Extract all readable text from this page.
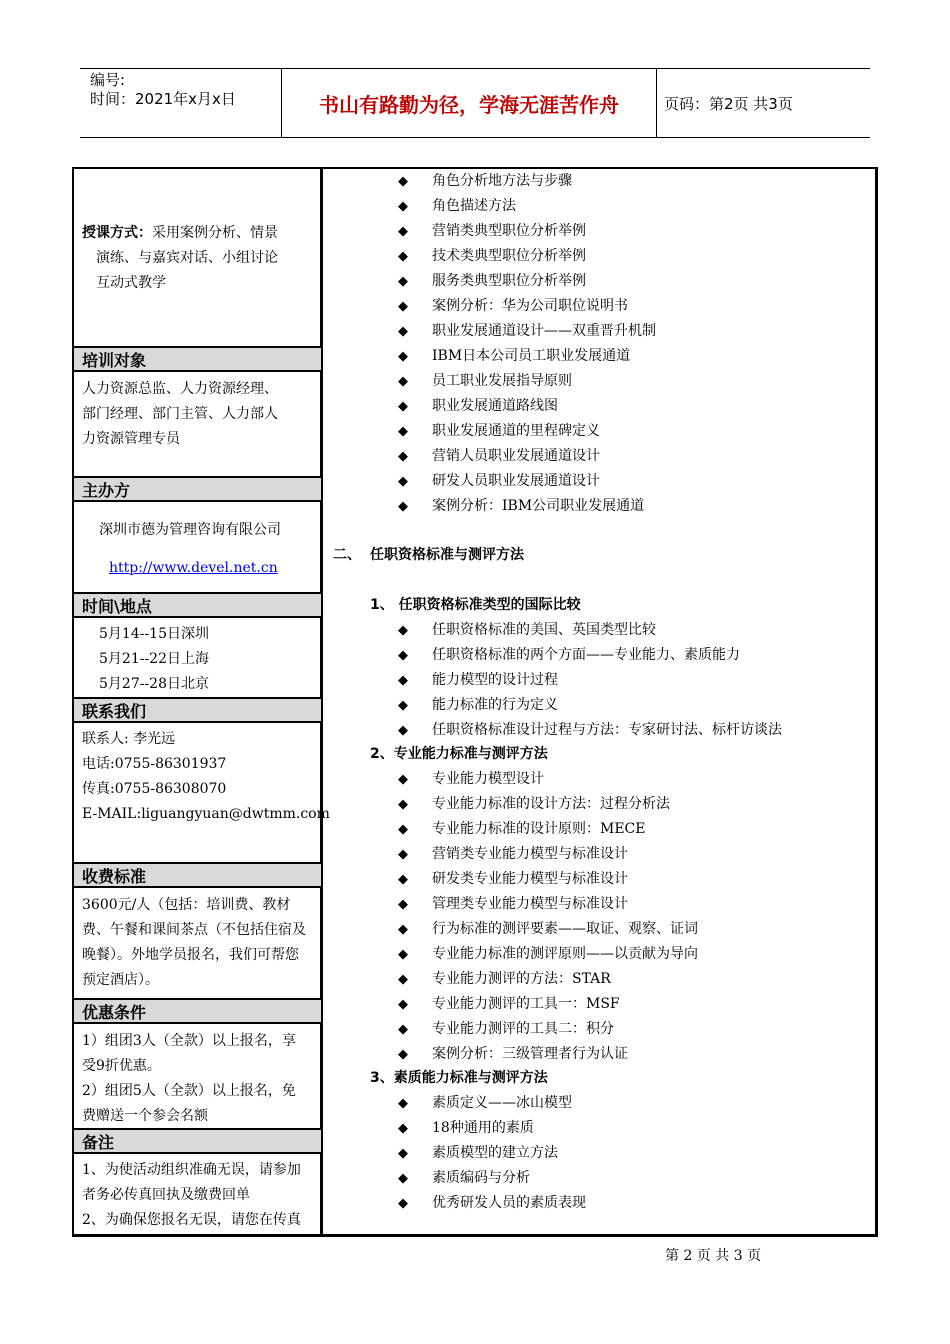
编号:
时间：2021年x月x日	书山有路勤为径，学海无涯苦作舟	页码：第2页 共3页
授课方式：采用案例分析、情景
演练、与嘉宾对话、小组讨论
互动式教学
培训对象
人力资源总监、人力资源经理、
部门经理、部门主管、人力部人
力资源管理专员
主办方
深圳市德为管理咨询有限公司
http://www.devel.net.cn
时间\地点
5月14--15日深圳
5月21--22日上海
5月27--28日北京
联系我们
联系人: 李光远
电话:0755-86301937
传真:0755-86308070
E-MAIL:liguangyuan@dwtmm.com
收费标准
3600元/人（包括：培训费、教材
费、午餐和课间茶点（不包括住宿及
晚餐）。外地学员报名，我们可帮您
预定酒店）。
优惠条件
1）组团3人（全款）以上报名，享
受9折优惠。
2）组团5人（全款）以上报名，免
费赠送一个参会名额
备注
1、为使活动组织准确无误，请参加
者务必传真回执及缴费回单
2、为确保您报名无误，请您在传真
◆ 角色分析地方法与步骤
◆ 角色描述方法
◆ 营销类典型职位分析举例
◆ 技术类典型职位分析举例
◆ 服务类典型职位分析举例
◆ 案例分析：华为公司职位说明书
◆ 职业发展通道设计——双重晋升机制
◆ IBM日本公司员工职业发展通道
◆ 员工职业发展指导原则
◆ 职业发展通道路线图
◆ 职业发展通道的里程碑定义
◆ 营销人员职业发展通道设计
◆ 研发人员职业发展通道设计
◆ 案例分析：IBM公司职业发展通道
二、 任职资格标准与测评方法
1、 任职资格标准类型的国际比较
◆ 任职资格标准的美国、英国类型比较
◆ 任职资格标准的两个方面——专业能力、素质能力
◆ 能力模型的设计过程
◆ 能力标准的行为定义
◆ 任职资格标准设计过程与方法：专家研讨法、标杆访谈法
2、专业能力标准与测评方法
◆ 专业能力模型设计
◆ 专业能力标准的设计方法：过程分析法
◆ 专业能力标准的设计原则：MECE
◆ 营销类专业能力模型与标准设计
◆ 研发类专业能力模型与标准设计
◆ 管理类专业能力模型与标准设计
◆ 行为标准的测评要素——取证、观察、证词
◆ 专业能力标准的测评原则——以贡献为导向
◆ 专业能力测评的方法：STAR
◆ 专业能力测评的工具一：MSF
◆ 专业能力测评的工具二：积分
◆ 案例分析：三级管理者行为认证
3、素质能力标准与测评方法
◆ 素质定义——冰山模型
◆ 18种通用的素质
◆ 素质模型的建立方法
◆ 素质编码与分析
◆ 优秀研发人员的素质表现
第 2 页 共 3 页
